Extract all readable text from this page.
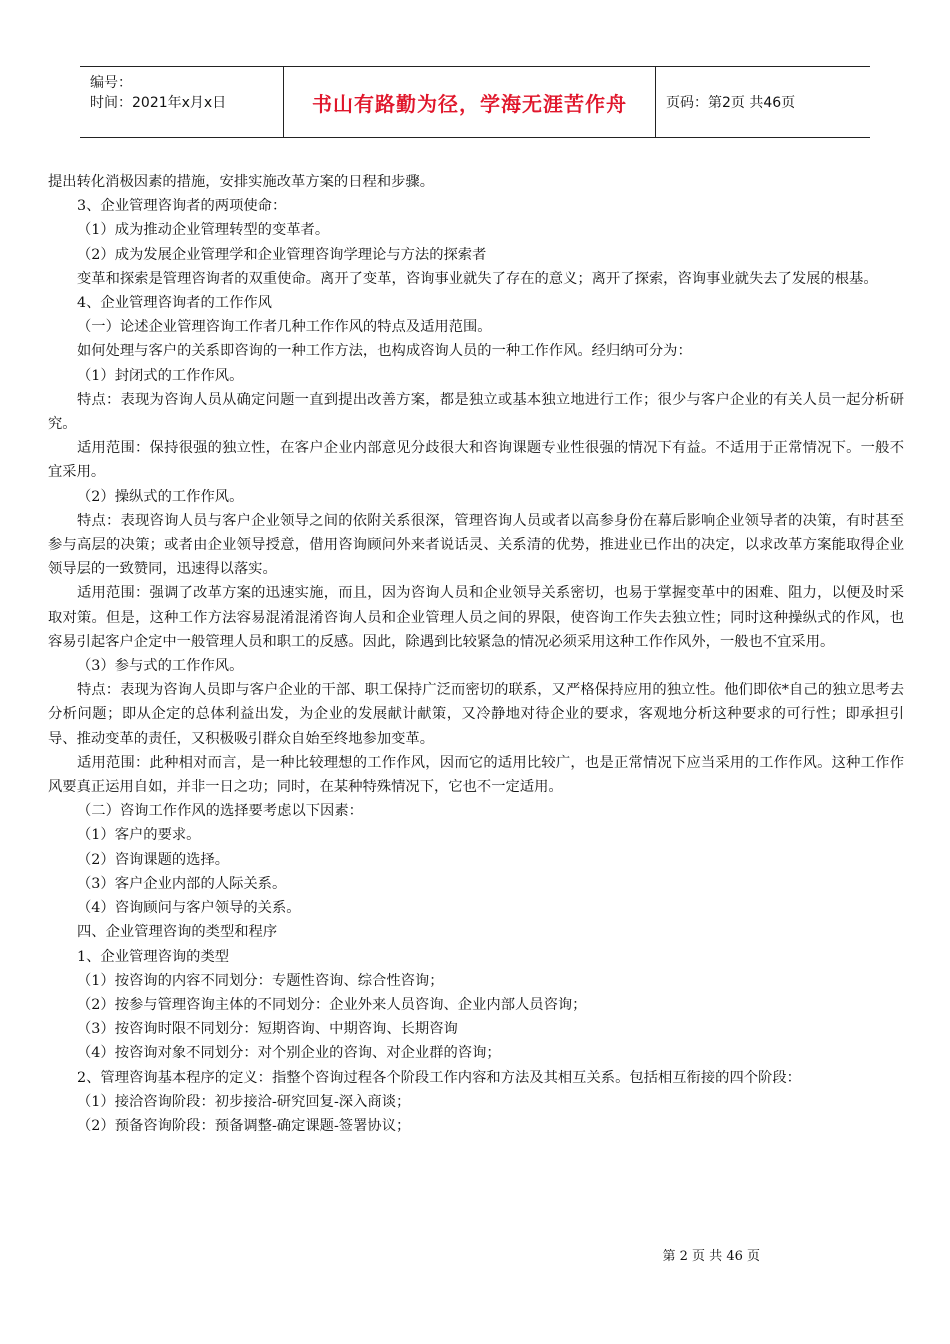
编号：
时间：2021年x月x日	书山有路勤为径，学海无涯苦作舟	页码：第2页 共46页

提出转化消极因素的措施，安排实施改革方案的日程和步骤。

3、企业管理咨询者的两项使命：

（1）成为推动企业管理转型的变革者。

（2）成为发展企业管理学和企业管理咨询学理论与方法的探索者

变革和探索是管理咨询者的双重使命。离开了变革，咨询事业就失了存在的意义；离开了探索，咨询事业就失去了发展的根基。

4、企业管理咨询者的工作作风

（一）论述企业管理咨询工作者几种工作作风的特点及适用范围。

如何处理与客户的关系即咨询的一种工作方法，也构成咨询人员的一种工作作风。经归纳可分为：

（1）封闭式的工作作风。

特点：表现为咨询人员从确定问题一直到提出改善方案，都是独立或基本独立地进行工作；很少与客户企业的有关人员一起分析研究。

适用范围：保持很强的独立性，在客户企业内部意见分歧很大和咨询课题专业性很强的情况下有益。不适用于正常情况下。一般不宜采用。

（2）操纵式的工作作风。

特点：表现咨询人员与客户企业领导之间的依附关系很深，管理咨询人员或者以高参身份在幕后影响企业领导者的决策，有时甚至参与高层的决策；或者由企业领导授意，借用咨询顾问外来者说话灵、关系清的优势，推进业已作出的决定，以求改革方案能取得企业领导层的一致赞同，迅速得以落实。

适用范围：强调了改革方案的迅速实施，而且，因为咨询人员和企业领导关系密切，也易于掌握变革中的困难、阻力，以便及时采取对策。但是，这种工作方法容易混淆混淆咨询人员和企业管理人员之间的界限，使咨询工作失去独立性；同时这种操纵式的作风，也容易引起客户企定中一般管理人员和职工的反感。因此，除遇到比较紧急的情况必须采用这种工作作风外，一般也不宜采用。

（3）参与式的工作作风。

特点：表现为咨询人员即与客户企业的干部、职工保持广泛而密切的联系，又严格保持应用的独立性。他们即依*自己的独立思考去分析问题；即从企定的总体利益出发，为企业的发展献计献策，又冷静地对待企业的要求，客观地分析这种要求的可行性；即承担引导、推动变革的责任，又积极吸引群众自始至终地参加变革。

适用范围：此种相对而言，是一种比较理想的工作作风，因而它的适用比较广，也是正常情况下应当采用的工作作风。这种工作作风要真正运用自如，并非一日之功；同时，在某种特殊情况下，它也不一定适用。

（二）咨询工作作风的选择要考虑以下因素：

（1）客户的要求。

（2）咨询课题的选择。

（3）客户企业内部的人际关系。

（4）咨询顾问与客户领导的关系。

四、企业管理咨询的类型和程序

1、企业管理咨询的类型

（1）按咨询的内容不同划分：专题性咨询、综合性咨询；

（2）按参与管理咨询主体的不同划分：企业外来人员咨询、企业内部人员咨询；

（3）按咨询时限不同划分：短期咨询、中期咨询、长期咨询

（4）按咨询对象不同划分：对个别企业的咨询、对企业群的咨询；

2、管理咨询基本程序的定义：指整个咨询过程各个阶段工作内容和方法及其相互关系。包括相互衔接的四个阶段：

（1）接洽咨询阶段：初步接洽-研究回复-深入商谈；

（2）预备咨询阶段：预备调整-确定课题-签署协议；

第 2 页 共 46 页
